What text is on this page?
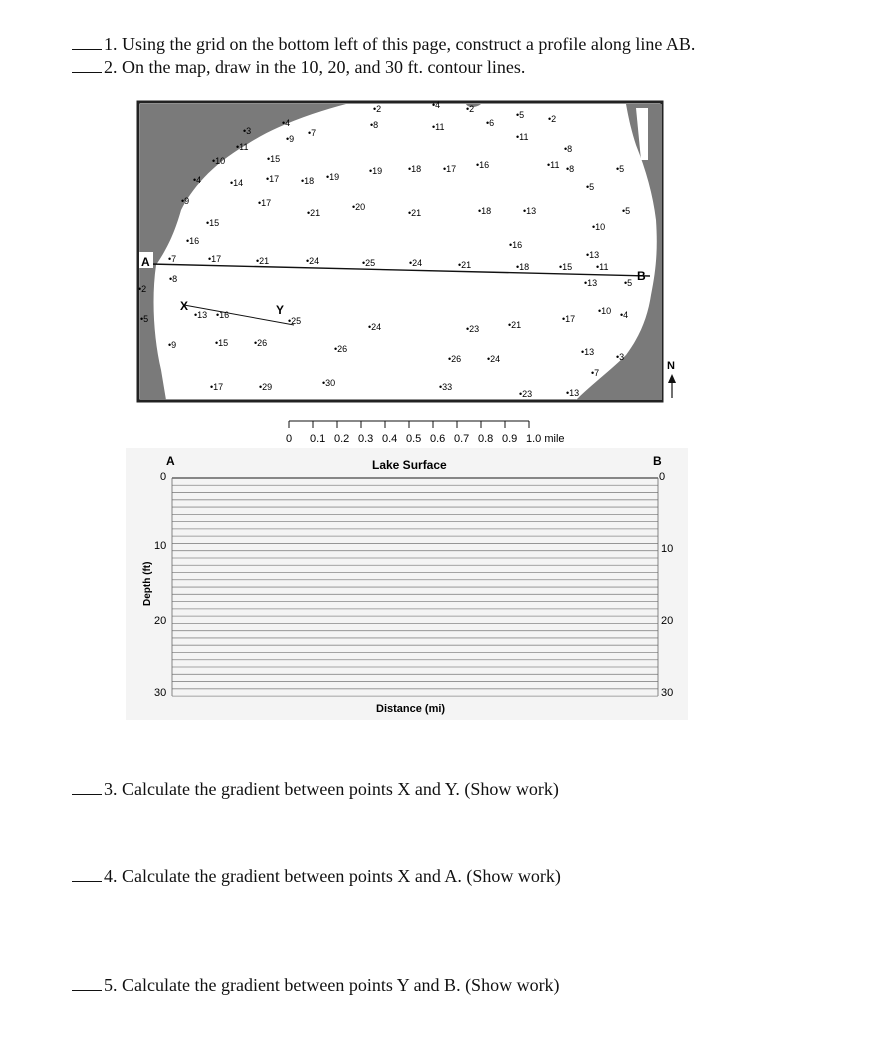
1. Using the grid on the bottom left of this page, construct a profile along line AB.
2. On the map, draw in the 10, 20, and 30 ft. contour lines.
A
B
X	Y
•2
•8
•4
•11
•2
•6
•5
•11
•2
•3
•11
•4
•9
•7
•10	•15
•8
•11
•4	•14	•17 •18 •19
•19	•18 •17 •16	•8
•5
•9	•17
•21
•20
•21	•18	•13
•5
•10
•15
•5
•16	•16
•13
•7	•17	•21	•24	•25	•24	•21	•18	•15	•11
•8	•13	•5
•2
•5	•13 •16
•25
•24	•23	•21
•17
•10 •4
•9	•15	•26
•26
•26	•24
•13 •3
•7
•17	•29	•30	•33
•23	•13
N
0 0.1 0.2 0.3 0.4 0.5 0.6 0.7 0.8 0.9 1.0 mile
Lake Surface
A
0
B
0
10
20
30
10
20
30
Depth (ft)
Distance (mi)
3. Calculate the gradient between points X and Y. (Show work)
4. Calculate the gradient between points X and A. (Show work)
5. Calculate the gradient between points Y and B. (Show work)
